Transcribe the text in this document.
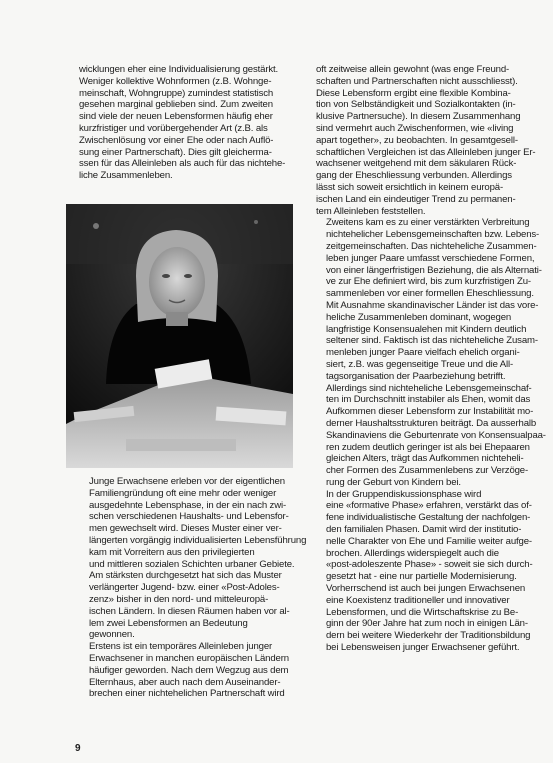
wicklungen eher eine Individualisierung gestärkt.
Weniger kollektive Wohnformen (z.B. Wohnge-
meinschaft, Wohngruppe) zumindest statistisch
gesehen marginal geblieben sind. Zum zweiten
sind viele der neuen Lebensformen häufig eher
kurzfristiger und vorübergehender Art (z.B. als
Zwischenlösung vor einer Ehe oder nach Auflö-
sung einer Partnerschaft). Dies gilt gleicherma-
ssen für das Alleinleben als auch für das nichtehe-
liche Zusammenleben.

Junge Erwachsene erleben vor der eigentlichen
Familiengründung oft eine mehr oder weniger
ausgedehnte Lebensphase, in der ein nach zwi-
schen verschiedenen Haushalts- und Lebensfor-
men gewechselt wird. Dieses Muster einer ver-
längerten vorgängig individualisierten Lebensführung
kam mit Vorreitern aus den privilegierten
und mittleren sozialen Schichten urbaner Gebiete.
Am stärksten durchgesetzt hat sich das Muster
verlängerter Jugend- bzw. einer «Post-Adoles-
zenz» bisher in den nord- und mitteleuropä-
ischen Ländern. In diesen Räumen haben vor al-
lem zwei Lebensformen an Bedeutung
gewonnen.

Erstens ist ein temporäres Alleinleben junger
Erwachsener in manchen europäischen Ländern
häufiger geworden. Nach dem Wegzug aus dem
Elternhaus, aber auch nach dem Auseinander-
brechen einer nichtehelichen Partnerschaft wird

oft zeitweise allein gewohnt (was enge Freund-
schaften und Partnerschaften nicht ausschliesst).
Diese Lebensform ergibt eine flexible Kombina-
tion von Selbständigkeit und Sozialkontakten (in-
klusive Partnersuche). In diesem Zusammenhang
sind vermehrt auch Zwischenformen, wie «living
apart together», zu beobachten. In gesamtgesell-
schaftlichen Vergleichen ist das Alleinleben junger Er-
wachsener weitgehend mit dem säkularen Rück-
gang der Eheschliessung verbunden. Allerdings
lässt sich soweit ersichtlich in keinem europä-
ischen Land ein eindeutiger Trend zu permanen-
tem Alleinleben feststellen.

Zweitens kam es zu einer verstärkten Verbreitung
nichtehelicher Lebensgemeinschaften bzw. Lebens-
zeitgemeinschaften. Das nichteheliche Zusammen-
leben junger Paare umfasst verschiedene Formen,
von einer längerfristigen Beziehung, die als Alternati-
ve zur Ehe definiert wird, bis zum kurzfristigen Zu-
sammenleben vor einer formellen Eheschliessung.
Mit Ausnahme skandinavischer Länder ist das vore-
heliche Zusammenleben dominant, wogegen
langfristige Konsensualehen mit Kindern deutlich
seltener sind. Faktisch ist das nichteheliche Zusam-
menleben junger Paare vielfach ehelich organi-
siert, z.B. was gegenseitige Treue und die All-
tagsorganisation der Paarbeziehung betrifft.
Allerdings sind nichteheliche Lebensgemeinschaf-
ten im Durchschnitt instabiler als Ehen, womit das
Aufkommen dieser Lebensform zur Instabilität mo-
derner Haushaltsstrukturen beiträgt. Da ausserhalb
Skandinaviens die Geburtenrate von Konsensualpaa-
ren zudem deutlich geringer ist als bei Ehepaaren
gleichen Alters, trägt das Aufkommen nichteheli-
cher Formen des Zusammenlebens zur Verzöge-
rung der Geburt von Kindern bei.

In der Gruppendiskussionsphase wird
eine «formative Phase» erfahren, verstärkt das of-
fene individualistische Gestaltung der nachfolgen-
den familialen Phasen. Damit wird der institutio-
nelle Charakter von Ehe und Familie weiter aufge-
brochen. Allerdings widerspiegelt auch die
«post-adoleszente Phase» - soweit sie sich durch-
gesetzt hat - eine nur partielle Modernisierung.
Vorherrschend ist auch bei jungen Erwachsenen
eine Koexistenz traditioneller und innovativer
Lebensformen, und die Wirtschaftskrise zu Be-
ginn der 90er Jahre hat zum noch in einigen Län-
dern bei weitere Wiederkehr der Traditionsbildung
bei Lebensweisen junger Erwachsener geführt.

9
